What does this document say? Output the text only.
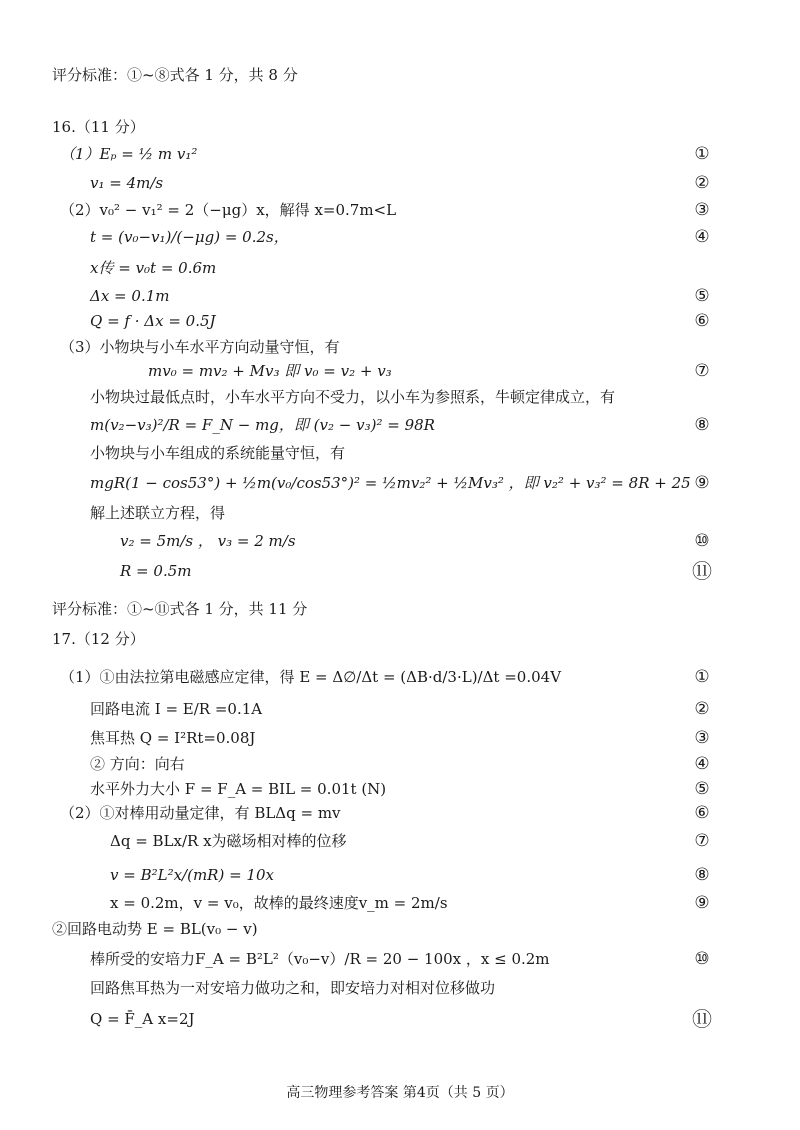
评分标准：①~⑧式各 1 分，共 8 分
16.（11 分）
（1）Eₚ = ½ m v₁²
v₁ = 4m/s
（2）v₀² − v₁² = 2（−μg）x，解得 x=0.7m<L
t = (v₀−v₁)/(−μg) = 0.2s，
x传 = v₀t = 0.6m
Δx = 0.1m
Q = f · Δx = 0.5J
（3）小物块与小车水平方向动量守恒，有
mv₀ = mv₂ + Mv₃ 即 v₀ = v₂ + v₃
小物块过最低点时，小车水平方向不受力，以小车为参照系，牛顿定律成立，有
m(v₂−v₃)²/R = F_N − mg，即 (v₂ − v₃)² = 98R
小物块与小车组成的系统能量守恒，有
mgR(1 − cos53°) + ½m(v₀/cos53°)² = ½mv₂² + ½Mv₃² ，即 v₂² + v₃² = 8R + 25
解上述联立方程，得
v₂ = 5m/s ， v₃ = 2 m/s
R = 0.5m
评分标准：①~⑪式各 1 分，共 11 分
17.（12 分）
（1）①由法拉第电磁感应定律，得 E = Δ∅/Δt = (ΔB·d/3·L)/Δt =0.04V
回路电流 I = E/R =0.1A
焦耳热 Q = I²Rt=0.08J
② 方向：向右
水平外力大小 F = F_A = BIL = 0.01t (N)
（2）①对棒用动量定律，有 BLΔq = mv
Δq = BLx/R x为磁场相对棒的位移
v = B²L²x/(mR) = 10x
x = 0.2m，v = v₀，故棒的最终速度v_m = 2m/s
②回路电动势 E = BL(v₀ − v)
棒所受的安培力F_A = B²L²（v₀−v）/R = 20 − 100x ，x ≤ 0.2m
回路焦耳热为一对安培力做功之和，即安培力对相对位移做功
Q = F̄_A x=2J
①
②
③
④
⑤
⑥
⑦
⑧
⑨
⑩
⑪
①
②
③
④
⑤
⑥
⑦
⑧
⑨
⑩
⑪
高三物理参考答案 第4页（共 5 页）
